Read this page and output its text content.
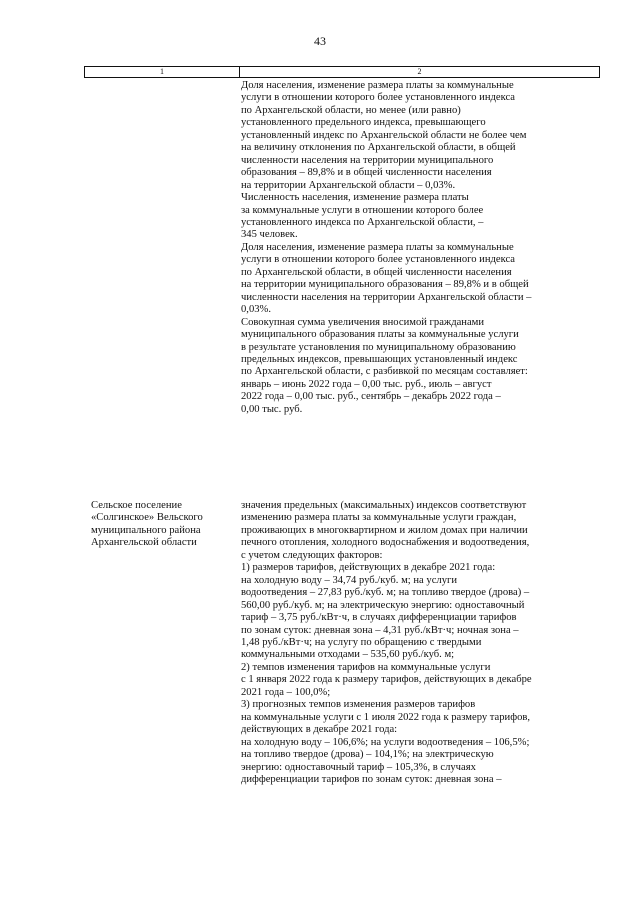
43
1	2
Доля населения, изменение размера платы за коммунальные
услуги в отношении которого более установленного индекса
по Архангельской области, но менее (или равно)
установленного предельного индекса, превышающего
установленный индекс по Архангельской области не более чем
на величину отклонения по Архангельской области, в общей
численности населения на территории муниципального
образования – 89,8% и в общей численности населения
на территории Архангельской области – 0,03%.
Численность населения, изменение размера платы
за коммунальные услуги в отношении которого более
установленного индекса по Архангельской области, –
345 человек.
Доля населения, изменение размера платы за коммунальные
услуги в отношении которого более установленного индекса
по Архангельской области, в общей численности населения
на территории муниципального образования – 89,8% и в общей
численности населения на территории Архангельской области –
0,03%.
Совокупная сумма увеличения вносимой гражданами
муниципального образования платы за коммунальные услуги
в результате установления по муниципальному образованию
предельных индексов, превышающих установленный индекс
по Архангельской области, с разбивкой по месяцам составляет:
январь – июнь 2022 года – 0,00 тыс. руб., июль – август
2022 года – 0,00 тыс. руб., сентябрь – декабрь 2022 года –
0,00 тыс. руб.
Сельское поселение
«Солгинское» Вельского
муниципального района
Архангельской области
значения предельных (максимальных) индексов соответствуют
изменению размера платы за коммунальные услуги граждан,
проживающих в многоквартирном и жилом домах при наличии
печного отопления, холодного водоснабжения и водоотведения,
с учетом следующих факторов:
1) размеров тарифов, действующих в декабре 2021 года:
на холодную воду – 34,74 руб./куб. м; на услуги
водоотведения – 27,83 руб./куб. м; на топливо твердое (дрова) –
560,00 руб./куб. м; на электрическую энергию: одноставочный
тариф – 3,75 руб./кВт·ч, в случаях дифференциации тарифов
по зонам суток: дневная зона – 4,31 руб./кВт·ч; ночная зона –
1,48 руб./кВт·ч; на услугу по обращению с твердыми
коммунальными отходами – 535,60 руб./куб. м;
2) темпов изменения тарифов на коммунальные услуги
с 1 января 2022 года к размеру тарифов, действующих в декабре
2021 года – 100,0%;
3) прогнозных темпов изменения размеров тарифов
на коммунальные услуги с 1 июля 2022 года к размеру тарифов,
действующих в декабре 2021 года:
на холодную воду – 106,6%; на услуги водоотведения – 106,5%;
на топливо твердое (дрова) – 104,1%; на электрическую
энергию: одноставочный тариф – 105,3%, в случаях
дифференциации тарифов по зонам суток: дневная зона –
